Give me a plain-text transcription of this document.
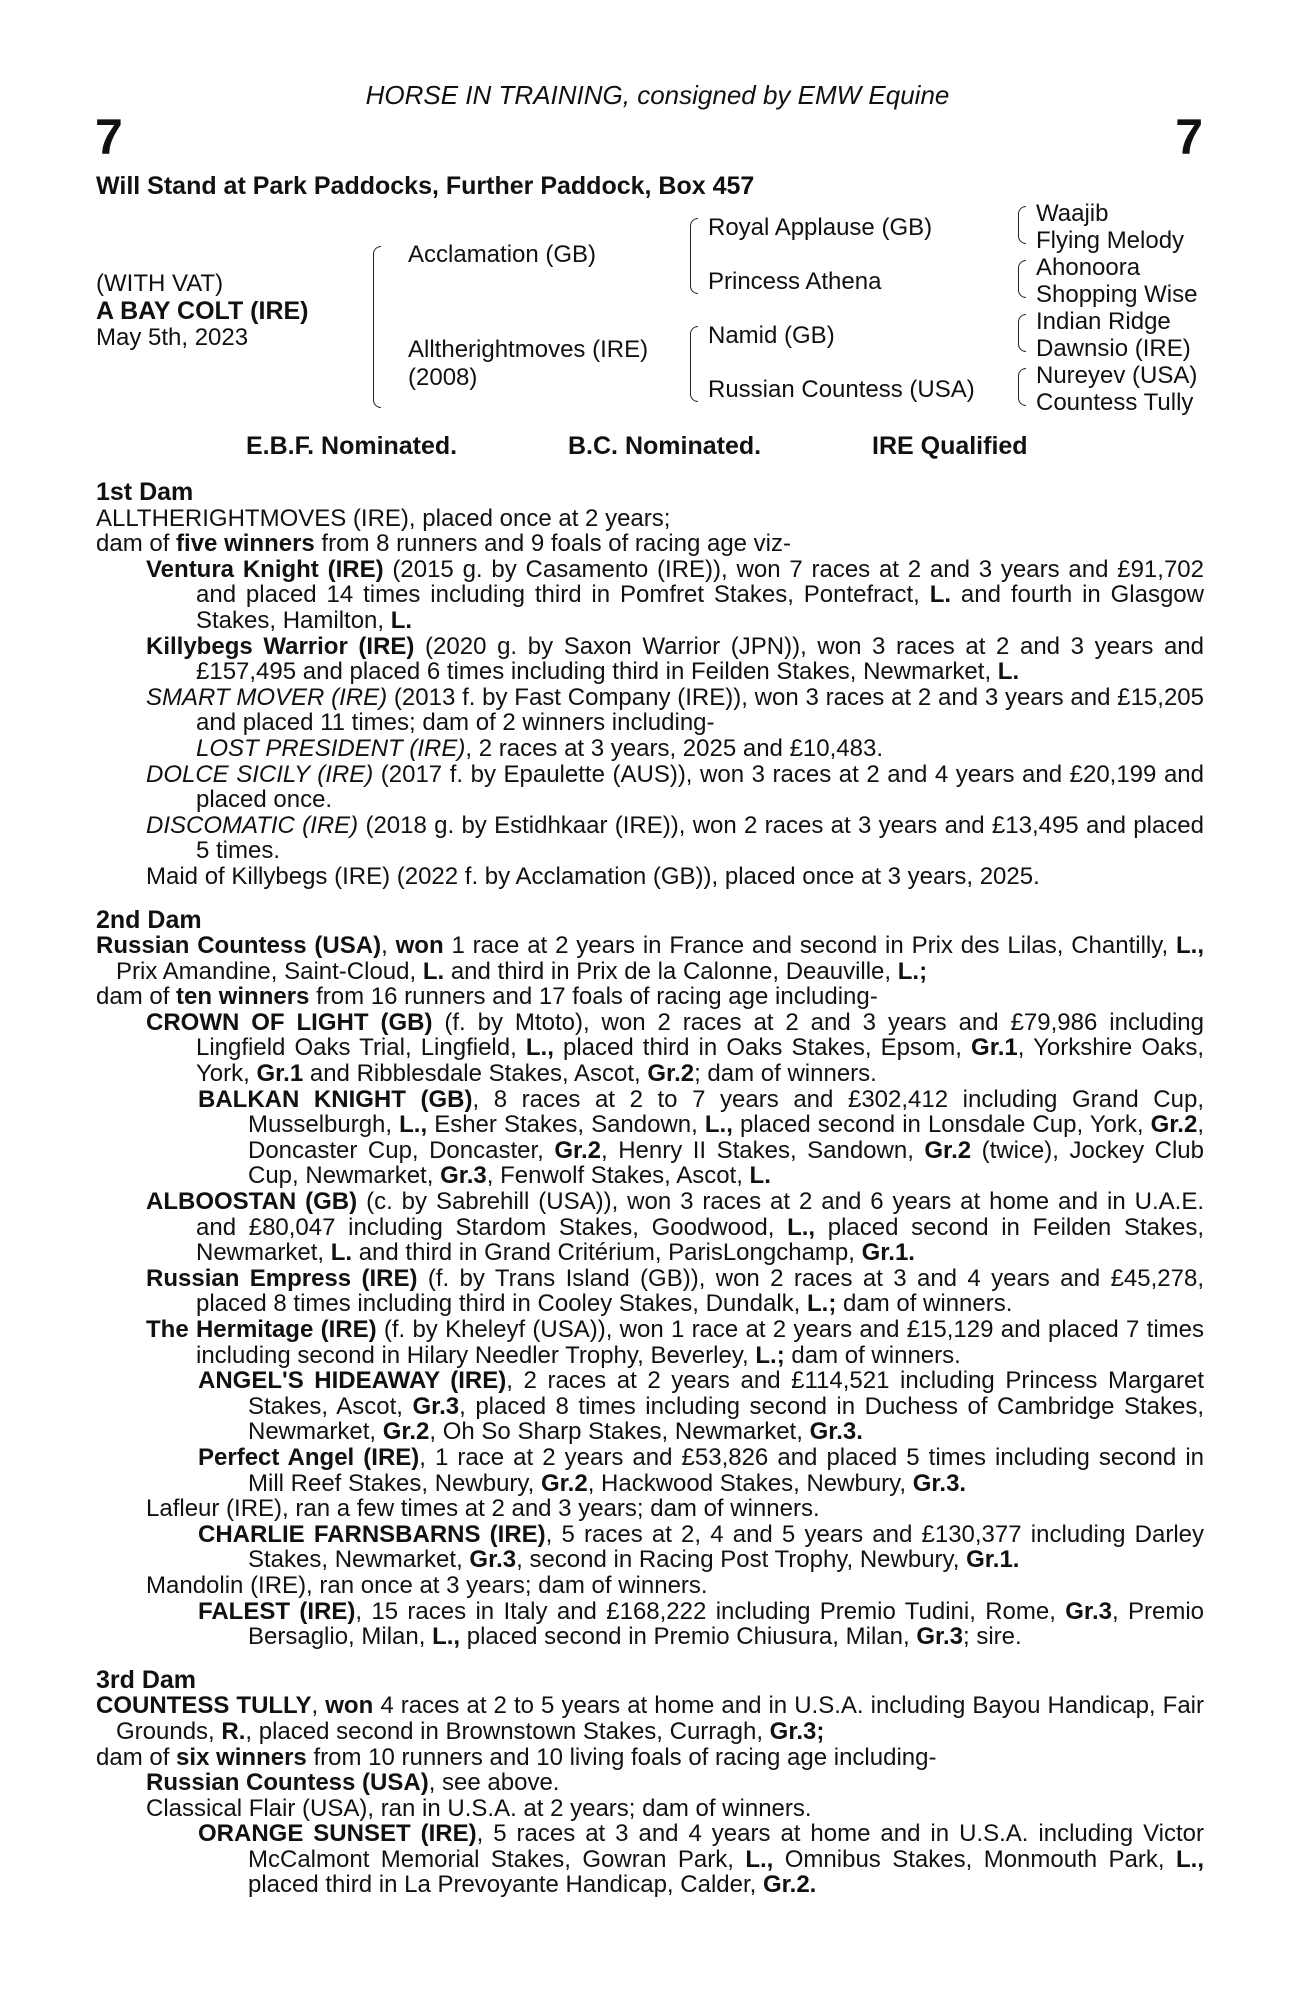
HORSE IN TRAINING, consigned by EMW Equine
7	7
Will Stand at Park Paddocks, Further Paddock, Box 457
(WITH VAT)
A BAY COLT (IRE)
May 5th, 2023
Acclamation (GB)
Alltherightmoves (IRE)
(2008)
Royal Applause (GB)
Princess Athena
Namid (GB)
Russian Countess (USA)
Waajib
Flying Melody
Ahonoora
Shopping Wise
Indian Ridge
Dawnsio (IRE)
Nureyev (USA)
Countess Tully
E.B.F. Nominated.	B.C. Nominated.	IRE Qualified
1st Dam
ALLTHERIGHTMOVES (IRE), placed once at 2 years;
dam of five winners from 8 runners and 9 foals of racing age viz-
Ventura Knight (IRE) (2015 g. by Casamento (IRE)), won 7 races at 2 and 3 years and £91,702 and placed 14 times including third in Pomfret Stakes, Pontefract, L. and fourth in Glasgow Stakes, Hamilton, L.
Killybegs Warrior (IRE) (2020 g. by Saxon Warrior (JPN)), won 3 races at 2 and 3 years and £157,495 and placed 6 times including third in Feilden Stakes, Newmarket, L.
SMART MOVER (IRE) (2013 f. by Fast Company (IRE)), won 3 races at 2 and 3 years and £15,205 and placed 11 times; dam of 2 winners including-
LOST PRESIDENT (IRE), 2 races at 3 years, 2025 and £10,483.
DOLCE SICILY (IRE) (2017 f. by Epaulette (AUS)), won 3 races at 2 and 4 years and £20,199 and placed once.
DISCOMATIC (IRE) (2018 g. by Estidhkaar (IRE)), won 2 races at 3 years and £13,495 and placed 5 times.
Maid of Killybegs (IRE) (2022 f. by Acclamation (GB)), placed once at 3 years, 2025.
2nd Dam
Russian Countess (USA), won 1 race at 2 years in France and second in Prix des Lilas, Chantilly, L., Prix Amandine, Saint-Cloud, L. and third in Prix de la Calonne, Deauville, L.;
dam of ten winners from 16 runners and 17 foals of racing age including-
CROWN OF LIGHT (GB) (f. by Mtoto), won 2 races at 2 and 3 years and £79,986 including Lingfield Oaks Trial, Lingfield, L., placed third in Oaks Stakes, Epsom, Gr.1, Yorkshire Oaks, York, Gr.1 and Ribblesdale Stakes, Ascot, Gr.2; dam of winners.
BALKAN KNIGHT (GB), 8 races at 2 to 7 years and £302,412 including Grand Cup, Musselburgh, L., Esher Stakes, Sandown, L., placed second in Lonsdale Cup, York, Gr.2, Doncaster Cup, Doncaster, Gr.2, Henry II Stakes, Sandown, Gr.2 (twice), Jockey Club Cup, Newmarket, Gr.3, Fenwolf Stakes, Ascot, L.
ALBOOSTAN (GB) (c. by Sabrehill (USA)), won 3 races at 2 and 6 years at home and in U.A.E. and £80,047 including Stardom Stakes, Goodwood, L., placed second in Feilden Stakes, Newmarket, L. and third in Grand Critérium, ParisLongchamp, Gr.1.
Russian Empress (IRE) (f. by Trans Island (GB)), won 2 races at 3 and 4 years and £45,278, placed 8 times including third in Cooley Stakes, Dundalk, L.; dam of winners.
The Hermitage (IRE) (f. by Kheleyf (USA)), won 1 race at 2 years and £15,129 and placed 7 times including second in Hilary Needler Trophy, Beverley, L.; dam of winners.
ANGEL'S HIDEAWAY (IRE), 2 races at 2 years and £114,521 including Princess Margaret Stakes, Ascot, Gr.3, placed 8 times including second in Duchess of Cambridge Stakes, Newmarket, Gr.2, Oh So Sharp Stakes, Newmarket, Gr.3.
Perfect Angel (IRE), 1 race at 2 years and £53,826 and placed 5 times including second in Mill Reef Stakes, Newbury, Gr.2, Hackwood Stakes, Newbury, Gr.3.
Lafleur (IRE), ran a few times at 2 and 3 years; dam of winners.
CHARLIE FARNSBARNS (IRE), 5 races at 2, 4 and 5 years and £130,377 including Darley Stakes, Newmarket, Gr.3, second in Racing Post Trophy, Newbury, Gr.1.
Mandolin (IRE), ran once at 3 years; dam of winners.
FALEST (IRE), 15 races in Italy and £168,222 including Premio Tudini, Rome, Gr.3, Premio Bersaglio, Milan, L., placed second in Premio Chiusura, Milan, Gr.3; sire.
3rd Dam
COUNTESS TULLY, won 4 races at 2 to 5 years at home and in U.S.A. including Bayou Handicap, Fair Grounds, R., placed second in Brownstown Stakes, Curragh, Gr.3;
dam of six winners from 10 runners and 10 living foals of racing age including-
Russian Countess (USA), see above.
Classical Flair (USA), ran in U.S.A. at 2 years; dam of winners.
ORANGE SUNSET (IRE), 5 races at 3 and 4 years at home and in U.S.A. including Victor McCalmont Memorial Stakes, Gowran Park, L., Omnibus Stakes, Monmouth Park, L., placed third in La Prevoyante Handicap, Calder, Gr.2.
